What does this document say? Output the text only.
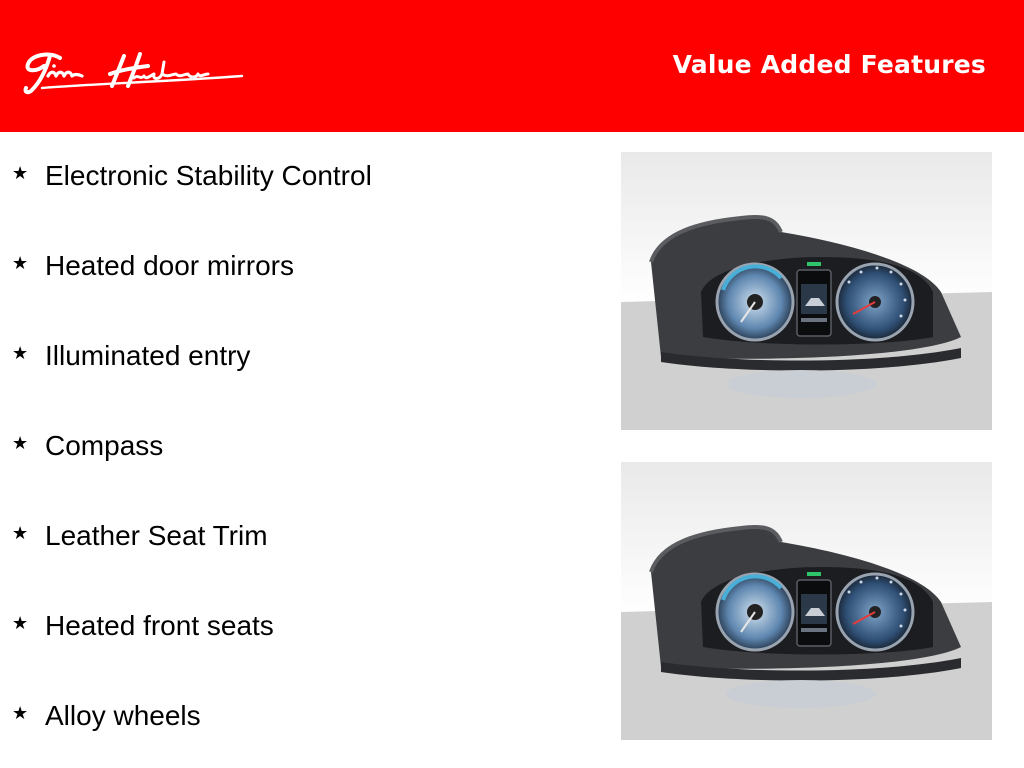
Value Added Features
★ Electronic Stability Control
★ Heated door mirrors
★ Illuminated entry
★ Compass
★ Leather Seat Trim
★ Heated front seats
★ Alloy wheels
